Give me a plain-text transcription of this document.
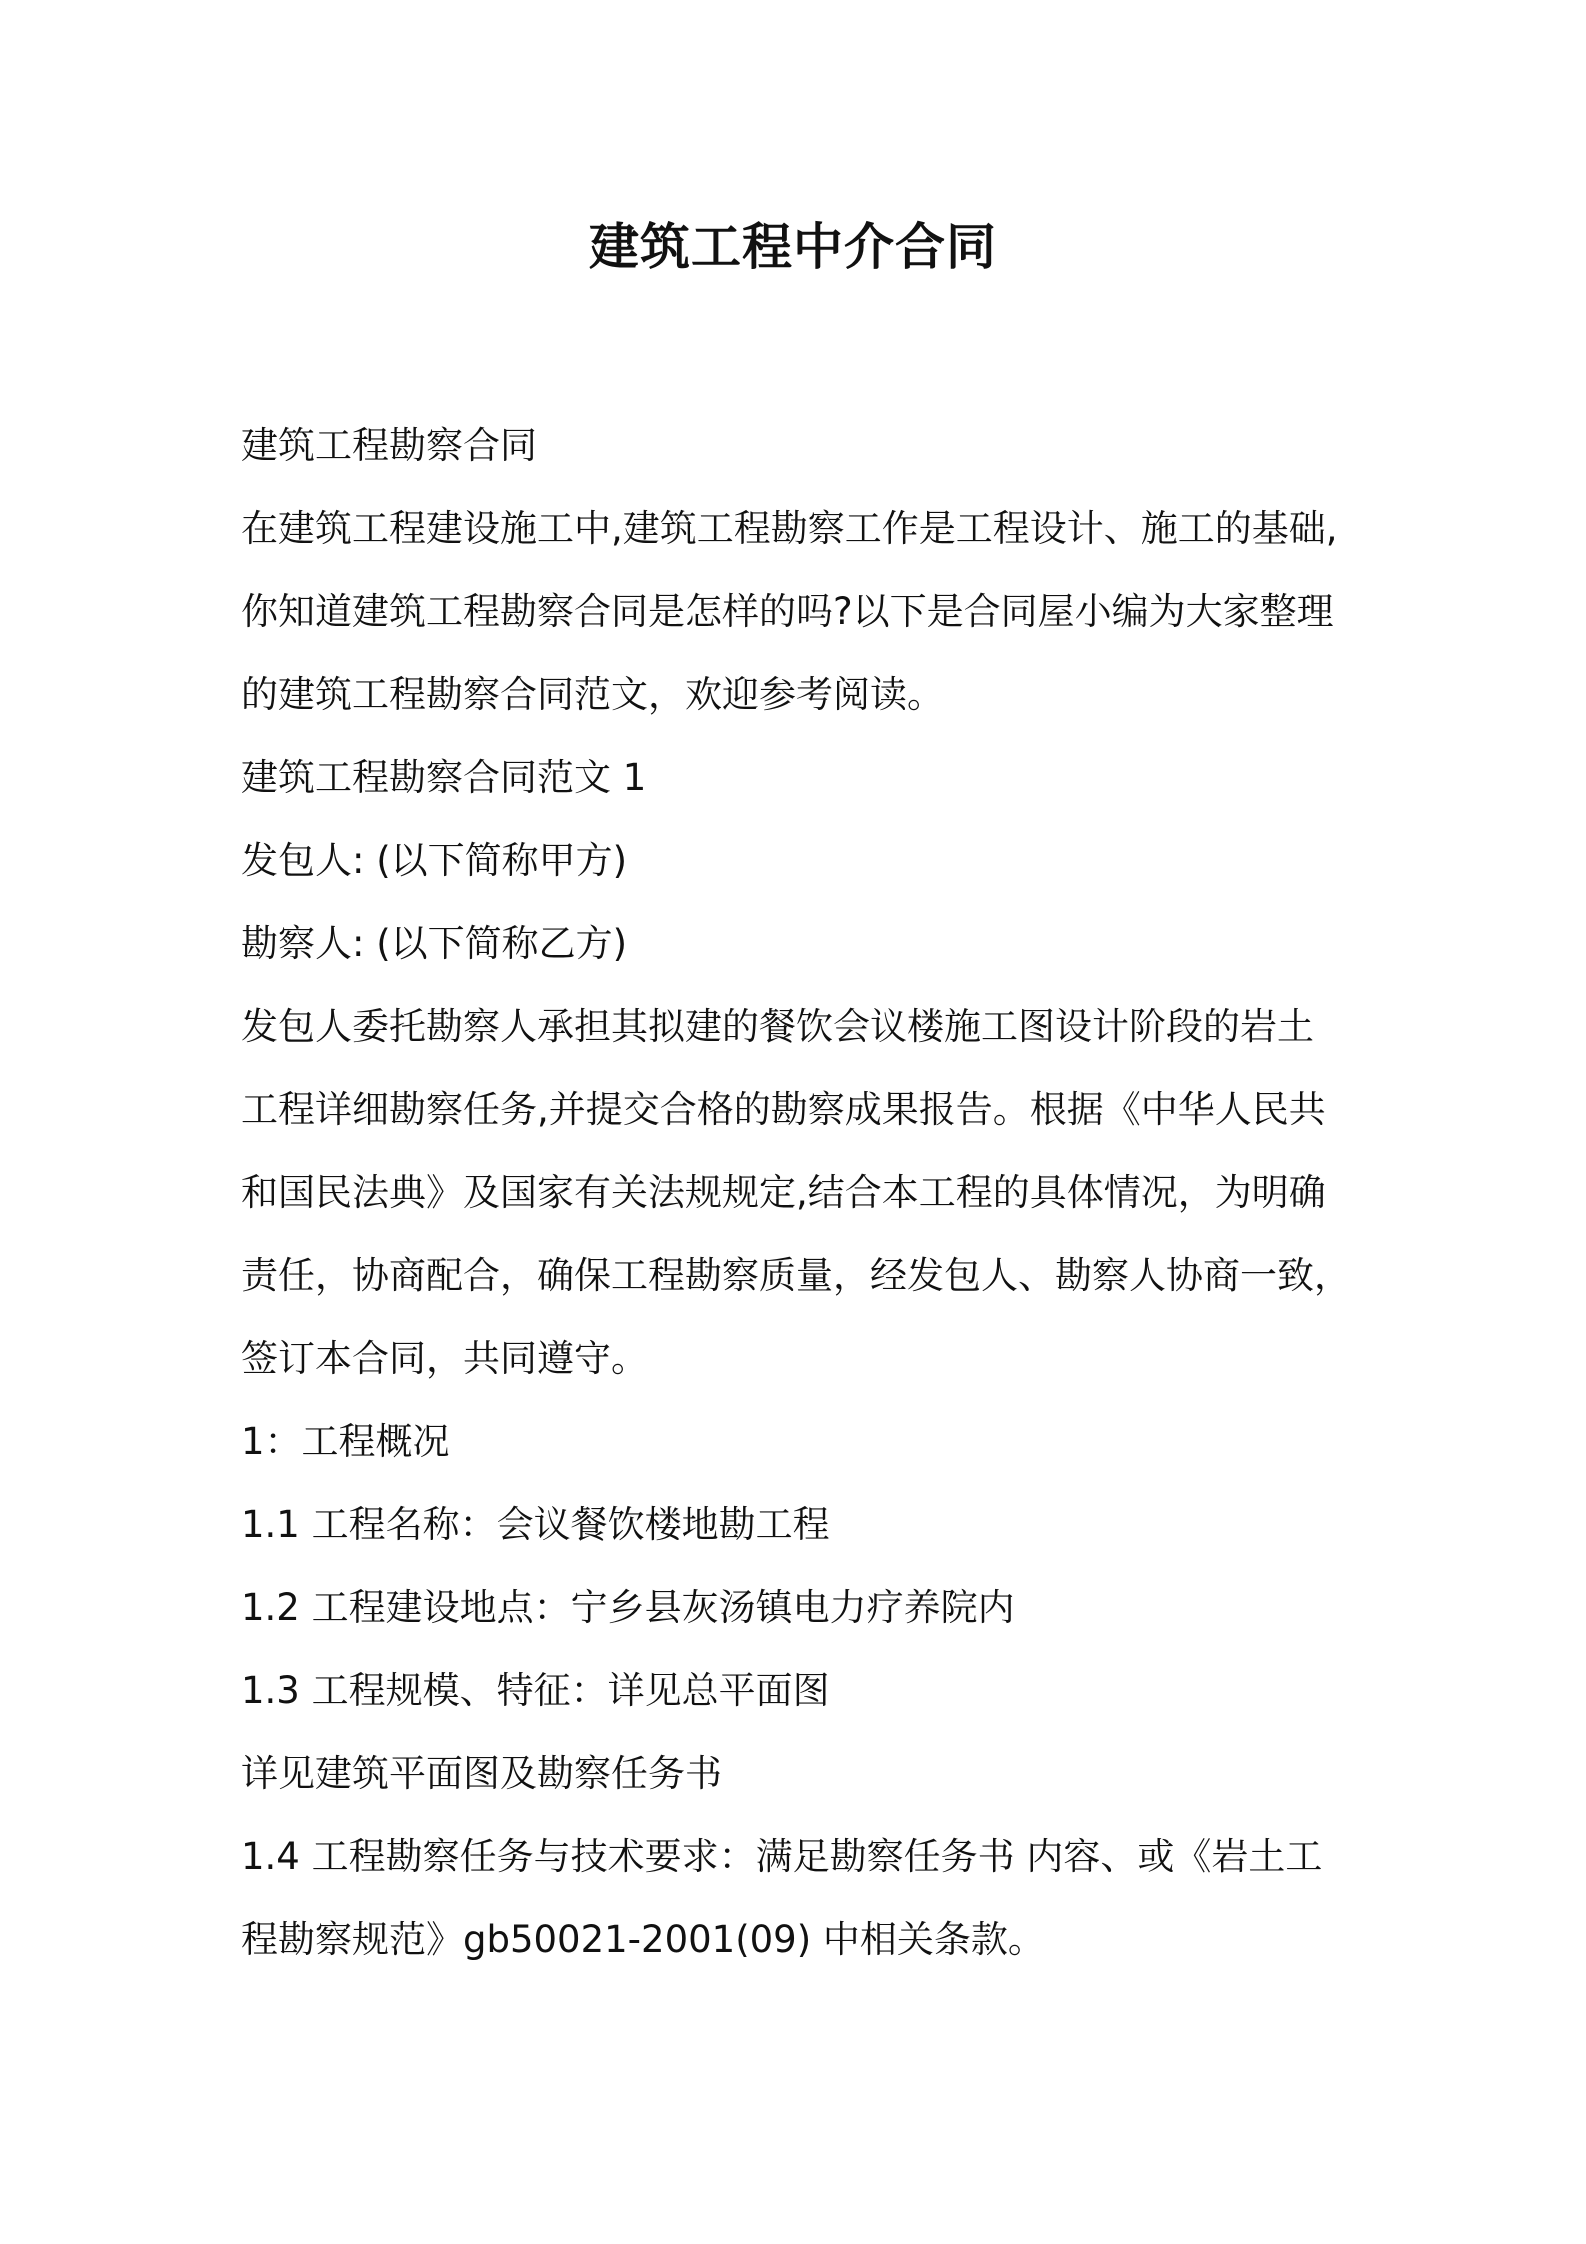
建筑工程中介合同

建筑工程勘察合同

在建筑工程建设施工中,建筑工程勘察工作是工程设计、施工的基础,

你知道建筑工程勘察合同是怎样的吗?以下是合同屋小编为大家整理

的建筑工程勘察合同范文，欢迎参考阅读。

建筑工程勘察合同范文 1

发包人: (以下简称甲方)

勘察人: (以下简称乙方)

发包人委托勘察人承担其拟建的餐饮会议楼施工图设计阶段的岩土

工程详细勘察任务,并提交合格的勘察成果报告。根据《中华人民共

和国民法典》及国家有关法规规定,结合本工程的具体情况，为明确

责任，协商配合，确保工程勘察质量，经发包人、勘察人协商一致，

签订本合同，共同遵守。

1：工程概况

1.1 工程名称：会议餐饮楼地勘工程

1.2 工程建设地点：宁乡县灰汤镇电力疗养院内

1.3 工程规模、特征：详见总平面图

详见建筑平面图及勘察任务书

1.4 工程勘察任务与技术要求：满足勘察任务书 内容、或《岩土工

程勘察规范》gb50021-2001(09) 中相关条款。
